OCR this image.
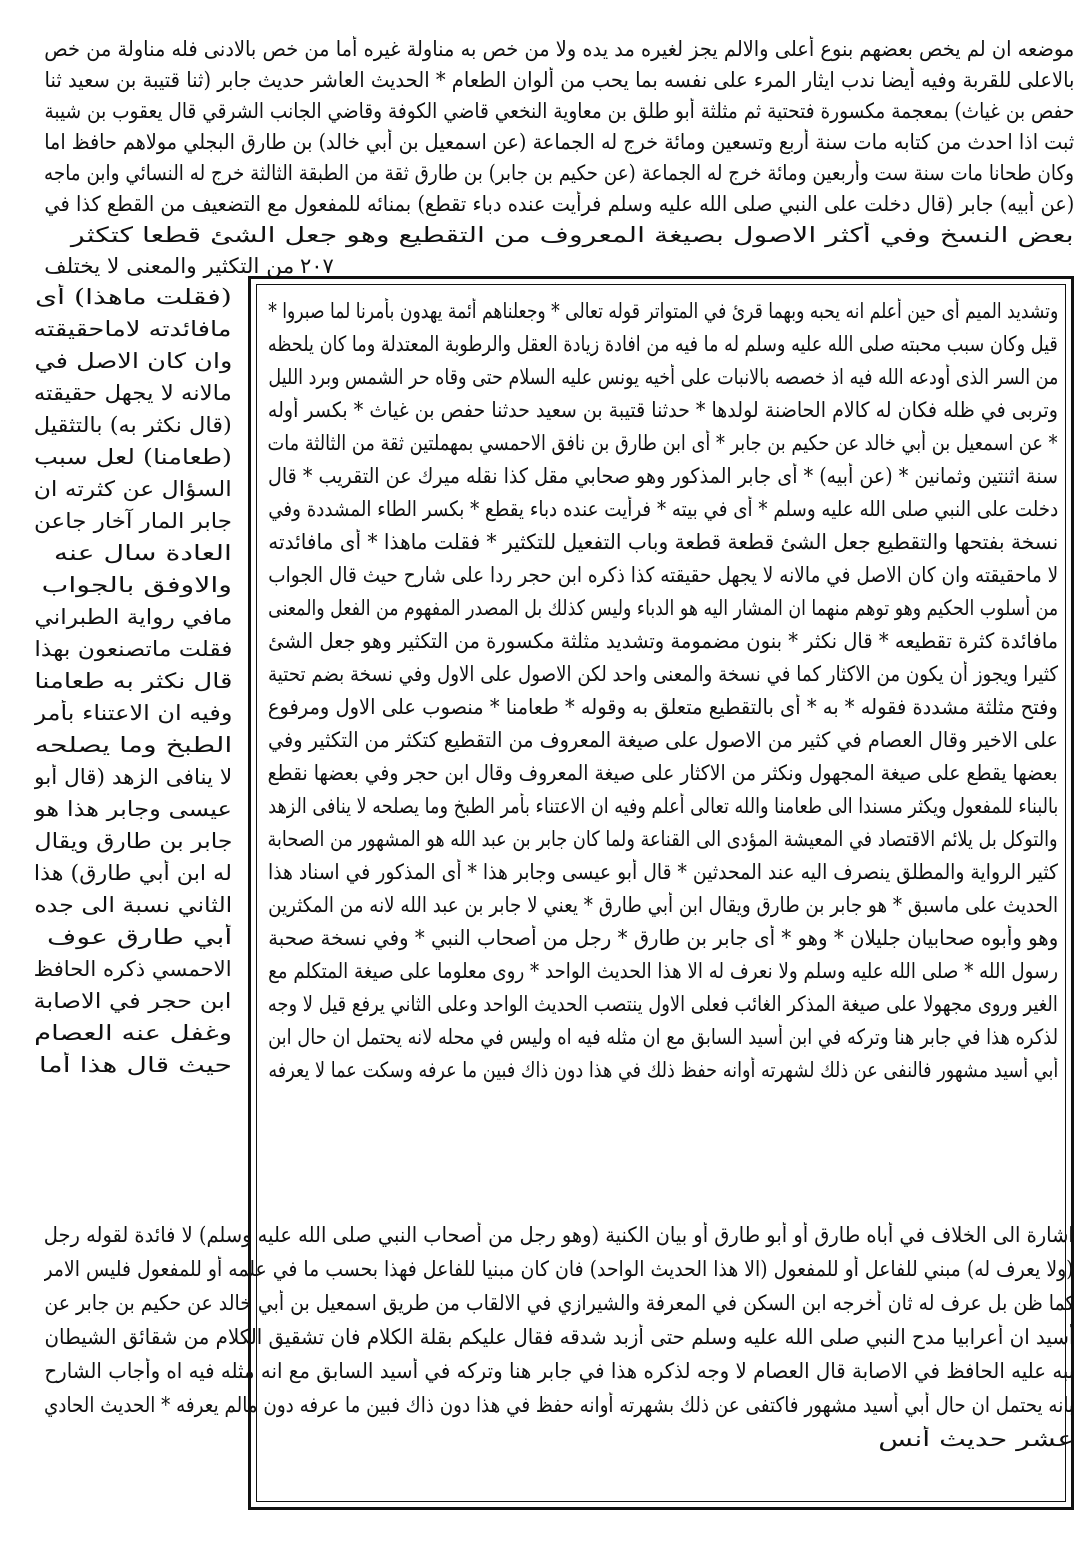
موضعه ان لم يخص بعضهم بنوع أعلى والالم يجز لغيره مد يده ولا من خص به مناولة غيره أما من خص بالادنى فله مناولة من خص
بالاعلى للقربة وفيه أيضا ندب ايثار المرء على نفسه بما يحب من ألوان الطعام * الحديث العاشر حديث جابر (ثنا قتيبة بن سعيد ثنا
حفص بن غياث) بمعجمة مكسورة فتحتية ثم مثلثة أبو طلق بن معاوية النخعي قاضي الكوفة وقاضي الجانب الشرقي قال يعقوب بن شيبة
ثبت اذا احدث من كتابه مات سنة أربع وتسعين ومائة خرج له الجماعة (عن اسمعيل بن أبي خالد) بن طارق البجلي مولاهم حافظ اما
وكان طحانا مات سنة ست وأربعين ومائة خرج له الجماعة (عن حكيم بن جابر) بن طارق ثقة من الطبقة الثالثة خرج له النسائي وابن ماجه
(عن أبيه) جابر (قال دخلت على النبي صلى الله عليه وسلم فرأيت عنده دباء تقطع) بمنائه للمفعول مع التضعيف من القطع كذا في
بعض النسخ وفي أكثر الاصول بصيغة المعروف من التقطيع وهو جعل الشئ قطعا كتكثر
من التكثير والمعنى لا يختلف ٢٠٧
(فقلت ماهذا) أى
مافائدته لاماحقيقته
وان كان الاصل في
مالانه لا يجهل حقيقته
(قال نكثر به) بالتثقيل
(طعامنا) لعل سبب
السؤال عن كثرته ان
جابر المار آخار جاعن
العادة سال عنه
والاوفق بالجواب
مافي رواية الطبراني
فقلت ماتصنعون بهذا
قال نكثر به طعامنا
وفيه ان الاعتناء بأمر
الطبخ وما يصلحه
لا ينافى الزهد (قال أبو
عيسى وجابر هذا هو
جابر بن طارق ويقال
له ابن أبي طارق) هذا
الثاني نسبة الى جده
أبي طارق عوف
الاحمسي ذكره الحافظ
ابن حجر في الاصابة
وغفل عنه العصام
حيث قال هذا أما
وتشديد الميم أى حين أعلم انه يحبه وبهما قرئ في المتواتر قوله تعالى * وجعلناهم أئمة يهدون بأمرنا لما صبروا *
قيل وكان سبب محبته صلى الله عليه وسلم له ما فيه من افادة زيادة العقل والرطوبة المعتدلة وما كان يلحظه
من السر الذى أودعه الله فيه اذ خصصه بالانبات على أخيه يونس عليه السلام حتى وقاه حر الشمس وبرد الليل
وتربى في ظله فكان له كالام الحاضنة لولدها * حدثنا قتيبة بن سعيد حدثنا حفص بن غياث * بكسر أوله
* عن اسمعيل بن أبي خالد عن حكيم بن جابر * أى ابن طارق بن نافق الاحمسي بمهملتين ثقة من الثالثة مات
سنة اثنتين وثمانين * (عن أبيه) * أى جابر المذكور وهو صحابي مقل كذا نقله ميرك عن التقريب * قال
دخلت على النبي صلى الله عليه وسلم * أى في بيته * فرأيت عنده دباء يقطع * بكسر الطاء المشددة وفي
نسخة بفتحها والتقطيع جعل الشئ قطعة قطعة وباب التفعيل للتكثير * فقلت ماهذا * أى مافائدته
لا ماحقيقته وان كان الاصل في مالانه لا يجهل حقيقته كذا ذكره ابن حجر ردا على شارح حيث قال الجواب
من أسلوب الحكيم وهو توهم منهما ان المشار اليه هو الدباء وليس كذلك بل المصدر المفهوم من الفعل والمعنى
مافائدة كثرة تقطيعه * قال نكثر * بنون مضمومة وتشديد مثلثة مكسورة من التكثير وهو جعل الشئ
كثيرا ويجوز أن يكون من الاكثار كما في نسخة والمعنى واحد لكن الاصول على الاول وفي نسخة بضم تحتية
وفتح مثلثة مشددة فقوله * به * أى بالتقطيع متعلق به وقوله * طعامنا * منصوب على الاول ومرفوع
على الاخير وقال العصام في كثير من الاصول على صيغة المعروف من التقطيع كتكثر من التكثير وفي
بعضها يقطع على صيغة المجهول ونكثر من الاكثار على صيغة المعروف وقال ابن حجر وفي بعضها نقطع
بالبناء للمفعول ويكثر مسندا الى طعامنا والله تعالى أعلم وفيه ان الاعتناء بأمر الطبخ وما يصلحه لا ينافى الزهد
والتوكل بل يلائم الاقتصاد في المعيشة المؤدى الى القناعة ولما كان جابر بن عبد الله هو المشهور من الصحابة
كثير الرواية والمطلق ينصرف اليه عند المحدثين * قال أبو عيسى وجابر هذا * أى المذكور في اسناد هذا
الحديث على ماسبق * هو جابر بن طارق ويقال ابن أبي طارق * يعني لا جابر بن عبد الله لانه من المكثرين
وهو وأبوه صحابيان جليلان * وهو * أى جابر بن طارق * رجل من أصحاب النبي * وفي نسخة صحبة
رسول الله * صلى الله عليه وسلم ولا نعرف له الا هذا الحديث الواحد * روى معلوما على صيغة المتكلم مع
الغير وروى مجهولا على صيغة المذكر الغائب فعلى الاول ينتصب الحديث الواحد وعلى الثاني يرفع قيل لا وجه
لذكره هذا في جابر هنا وتركه في ابن أسيد السابق مع ان مثله فيه اه وليس في محله لانه يحتمل ان حال ابن
أبي أسيد مشهور فالنفى عن ذلك لشهرته أوانه حفظ ذلك في هذا دون ذاك فبين ما عرفه وسكت عما لا يعرفه
اشارة الى الخلاف في أباه طارق أو أبو طارق أو بيان الكنية (وهو رجل من أصحاب النبي صلى الله عليه وسلم) لا فائدة لقوله رجل
(ولا يعرف له) مبني للفاعل أو للمفعول (الا هذا الحديث الواحد) فان كان مبنيا للفاعل فهذا بحسب ما في علمه أو للمفعول فليس الامر
كما ظن بل عرف له ثان أخرجه ابن السكن في المعرفة والشيرازي في الالقاب من طريق اسمعيل بن أبي خالد عن حكيم بن جابر عن
أسيد ان أعرابيا مدح النبي صلى الله عليه وسلم حتى أزبد شدقه فقال عليكم بقلة الكلام فان تشقيق الكلام من شقائق الشيطان
نبه عليه الحافظ في الاصابة قال العصام لا وجه لذكره هذا في جابر هنا وتركه في أسيد السابق مع انه مثله فيه اه وأجاب الشارح
بانه يحتمل ان حال أبي أسيد مشهور فاكتفى عن ذلك بشهرته أوانه حفظ في هذا دون ذاك فبين ما عرفه دون مالم يعرفه * الحديث الحادي
عشر حديث أنس
